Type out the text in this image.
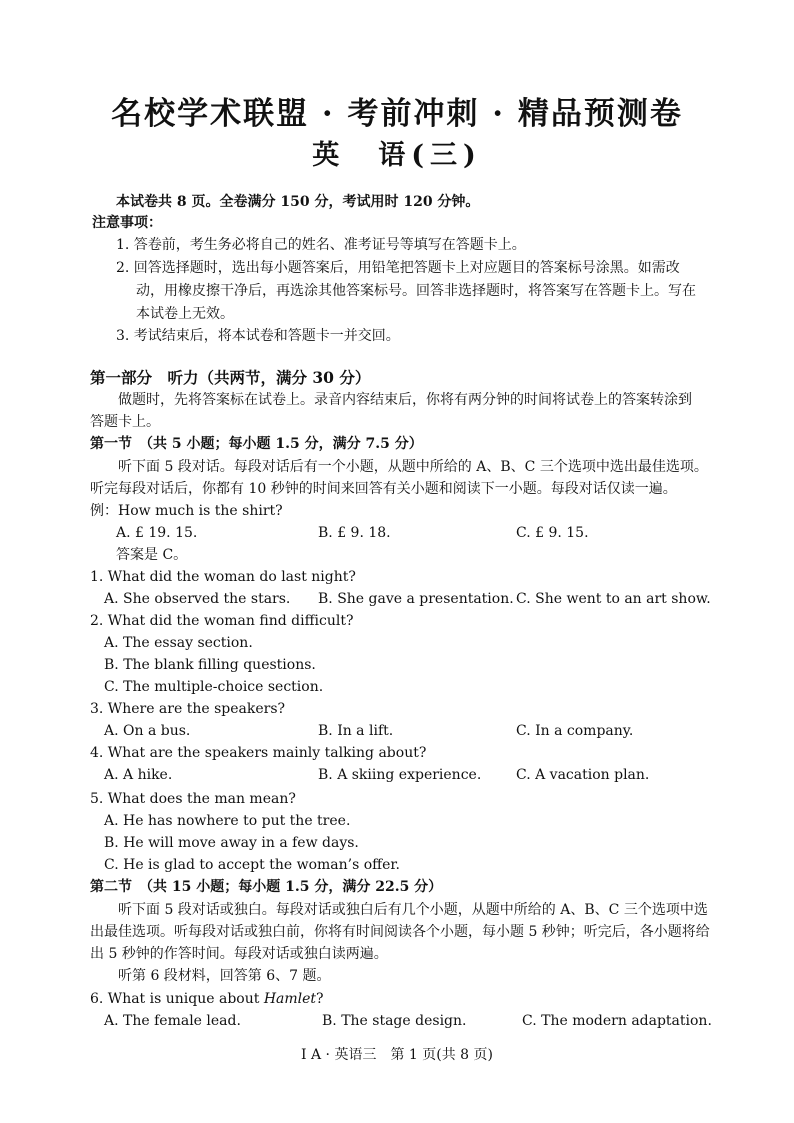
名校学术联盟 · 考前冲刺 · 精品预测卷
英　语(三)
本试卷共 8 页。全卷满分 150 分，考试用时 120 分钟。
注意事项：
1. 答卷前，考生务必将自己的姓名、准考证号等填写在答题卡上。
2. 回答选择题时，选出每小题答案后，用铅笔把答题卡上对应题目的答案标号涂黑。如需改
动，用橡皮擦干净后，再选涂其他答案标号。回答非选择题时，将答案写在答题卡上。写在
本试卷上无效。
3. 考试结束后，将本试卷和答题卡一并交回。
第一部分　听力（共两节，满分 30 分）
做题时，先将答案标在试卷上。录音内容结束后，你将有两分钟的时间将试卷上的答案转涂到
答题卡上。
第一节　（共 5 小题；每小题 1.5 分，满分 7.5 分）
听下面 5 段对话。每段对话后有一个小题，从题中所给的 A、B、C 三个选项中选出最佳选项。
听完每段对话后，你都有 10 秒钟的时间来回答有关小题和阅读下一小题。每段对话仅读一遍。
例：How much is the shirt?
A. £ 19. 15.	B. £ 9. 18.	C. £ 9. 15.
答案是 C。
1. What did the woman do last night?
A. She observed the stars. B. She gave a presentation. C. She went to an art show.
2. What did the woman find difficult?
A. The essay section.
B. The blank filling questions.
C. The multiple-choice section.
3. Where are the speakers?
A. On a bus.	B. In a lift.	C. In a company.
4. What are the speakers mainly talking about?
A. A hike.	B. A skiing experience. C. A vacation plan.
5. What does the man mean?
A. He has nowhere to put the tree.
B. He will move away in a few days.
C. He is glad to accept the woman’s offer.
第二节　（共 15 小题；每小题 1.5 分，满分 22.5 分）
听下面 5 段对话或独白。每段对话或独白后有几个小题，从题中所给的 A、B、C 三个选项中选
出最佳选项。听每段对话或独白前，你将有时间阅读各个小题，每小题 5 秒钟；听完后，各小题将给
出 5 秒钟的作答时间。每段对话或独白读两遍。
听第 6 段材料，回答第 6、7 题。
6. What is unique about Hamlet?
A. The female lead.	B. The stage design.	C. The modern adaptation.
Ⅰ A · 英语三　第 1 页(共 8 页)
